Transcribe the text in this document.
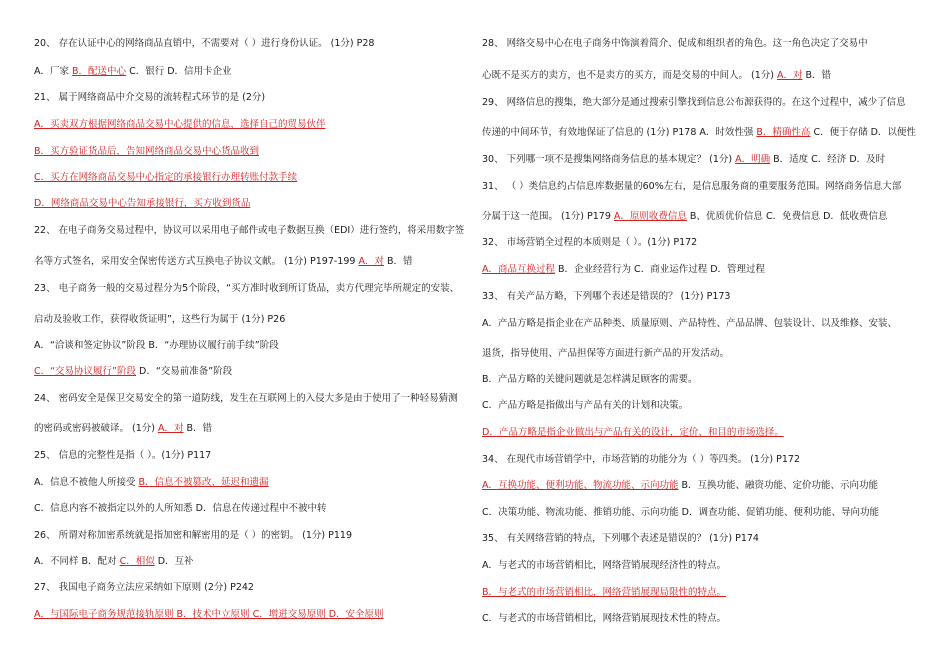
20、 存在认证中心的网络商品直销中，不需要对（ ）进行身份认证。 (1分) P28
A．厂家 B．配送中心 C．银行 D．信用卡企业
21、 属于网络商品中介交易的流转程式环节的是 (2分)
A．买卖双方根据网络商品交易中心提供的信息，选择自己的贸易伙伴
B．买方验证货品后，告知网络商品交易中心货品收到
C．买方在网络商品交易中心指定的承接银行办理转账付款手续
D．网络商品交易中心告知承接银行，买方收到货品
22、 在电子商务交易过程中，协议可以采用电子邮件或电子数据互换（EDI）进行签约，将采用数字签
名等方式签名，采用安全保密传送方式互换电子协议文献。 (1分) P197-199 A．对 B．错
23、 电子商务一般的交易过程分为5个阶段，“买方准时收到所订货品，卖方代理完毕所规定的安装、
启动及验收工作，获得收货证明”，这些行为属于 (1分) P26
A．“洽谈和签定协议”阶段 B．“办理协议履行前手续”阶段
C．“交易协议履行”阶段 D．“交易前准备”阶段
24、 密码安全是保卫交易安全的第一道防线，发生在互联网上的入侵大多是由于使用了一种轻易猜测
的密码或密码被破译。 (1分) A．对 B．错
25、 信息的完整性是指（ ）。(1分) P117
A．信息不被他人所接受 B．信息不被篡改、延迟和遗漏
C．信息内容不被指定以外的人所知悉 D．信息在传递过程中不被中转
26、 所谓对称加密系统就是指加密和解密用的是（ ）的密钥。 (1分) P119
A．不同样 B．配对 C．相似 D．互补
27、 我国电子商务立法应采纳如下原则 (2分) P242
A．与国际电子商务规范接轨原则 B．技术中立原则 C．增进交易原则 D．安全原则
28、 网络交易中心在电子商务中饰演着简介、促成和组织者的角色。这一角色决定了交易中
心既不是买方的卖方，也不是卖方的买方，而是交易的中间人。 (1分) A．对 B．错
29、 网络信息的搜集，绝大部分是通过搜索引擎找到信息公布源获得的。在这个过程中，减少了信息
传递的中间环节，有效地保证了信息的 (1分) P178 A．时效性强 B．精确性高 C．便于存储 D．以便性
30、 下列哪一项不是搜集网络商务信息的基本规定？ (1分) A．明确 B．适度 C．经济 D．及时
31、 （ ）类信息约占信息库数据量的60%左右，是信息服务商的重要服务范围。网络商务信息大部
分属于这一范围。 (1分) P179 A．原则收费信息 B、优质优价信息 C．免费信息 D．低收费信息
32、 市场营销全过程的本质则是（ ）。(1分) P172
A．商品互换过程 B．企业经营行为 C．商业运作过程 D．管理过程
33、 有关产品方略，下列哪个表述是错误的？ (1分) P173
A．产品方略是指企业在产品种类、质量原则、产品特性、产品品牌、包装设计、以及维修、安装、
退货，指导使用、产品担保等方面进行新产品的开发活动。
B．产品方略的关键问题就是怎样满足顾客的需要。
C．产品方略是指做出与产品有关的计划和决策。
D．产品方略是指企业做出与产品有关的设计，定价、和目的市场选择。
34、 在现代市场营销学中，市场营销的功能分为（ ）等四类。 (1分) P172
A．互换功能、便利功能、物流功能、示向功能 B．互换功能、融资功能、定价功能、示向功能
C．决策功能、物流功能、推销功能、示向功能 D．调查功能、促销功能、便利功能、导向功能
35、 有关网络营销的特点，下列哪个表述是错误的？ (1分) P174
A．与老式的市场营销相比，网络营销展现经济性的特点。
B．与老式的市场营销相比，网络营销展现局限性的特点。
C．与老式的市场营销相比，网络营销展现技术性的特点。
